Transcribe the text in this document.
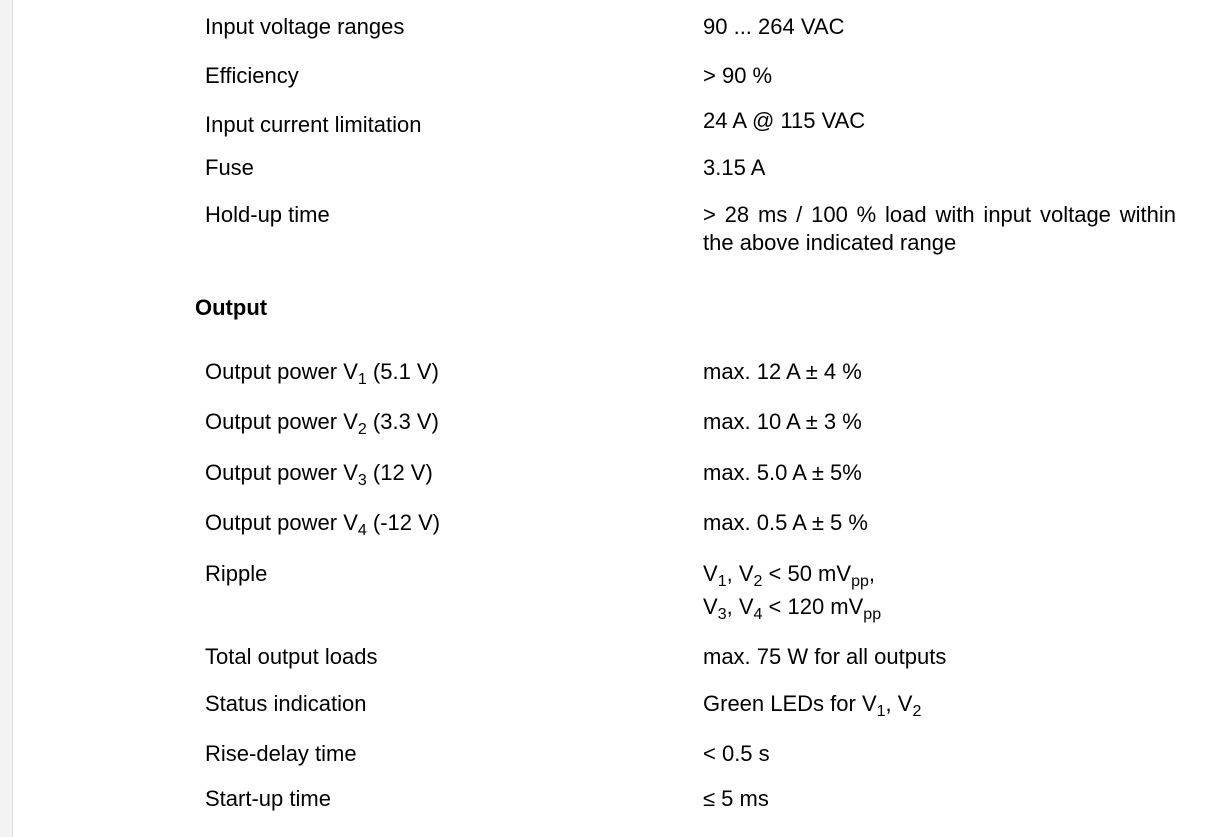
Input voltage ranges	90 ... 264 VAC
Efficiency	> 90 %
Input current limitation	24 A @ 115 VAC
Fuse	3.15 A
Hold-up time	> 28 ms / 100 % load with input voltage within the above indicated range
Output
Output power $V_1$ (5.1 V)	max. 12 A ± 4 %
Output power $V_2$ (3.3 V)	max. 10 A ± 3 %
Output power $V_3$ (12 V)	max. 5.0 A ± 5%
Output power $V_4$ (-12 V)	max. 0.5 A ± 5 %
Ripple	$V_1$, $V_2 < 50$ $mV_{pp}$,
$V_3$, $V_4 < 120$ $mV_{pp}$
Total output loads	max. 75 W for all outputs
Status indication	Green LEDs for $V_1$, $V_2$
Rise-delay time	< 0.5 s
Start-up time	≤ 5 ms
